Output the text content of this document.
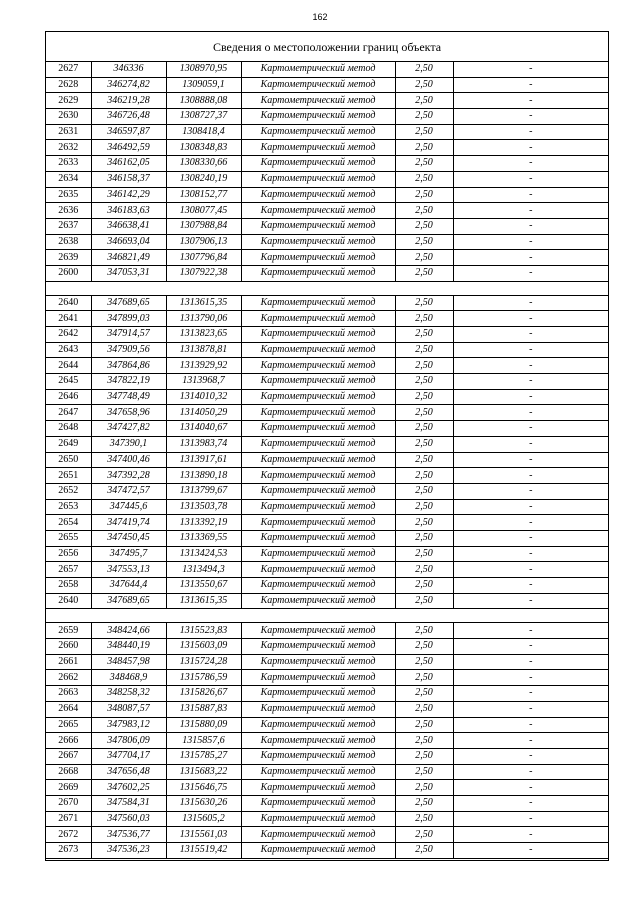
162
Сведения о местоположении границ объекта
2627	346336	1308970,95	Картометрический метод	2,50	-
2628	346274,82	1309059,1	Картометрический метод	2,50	-
2629	346219,28	1308888,08	Картометрический метод	2,50	-
2630	346726,48	1308727,37	Картометрический метод	2,50	-
2631	346597,87	1308418,4	Картометрический метод	2,50	-
2632	346492,59	1308348,83	Картометрический метод	2,50	-
2633	346162,05	1308330,66	Картометрический метод	2,50	-
2634	346158,37	1308240,19	Картометрический метод	2,50	-
2635	346142,29	1308152,77	Картометрический метод	2,50	-
2636	346183,63	1308077,45	Картометрический метод	2,50	-
2637	346638,41	1307988,84	Картометрический метод	2,50	-
2638	346693,04	1307906,13	Картометрический метод	2,50	-
2639	346821,49	1307796,84	Картометрический метод	2,50	-
2600	347053,31	1307922,38	Картометрический метод	2,50	-

2640	347689,65	1313615,35	Картометрический метод	2,50	-
2641	347899,03	1313790,06	Картометрический метод	2,50	-
2642	347914,57	1313823,65	Картометрический метод	2,50	-
2643	347909,56	1313878,81	Картометрический метод	2,50	-
2644	347864,86	1313929,92	Картометрический метод	2,50	-
2645	347822,19	1313968,7	Картометрический метод	2,50	-
2646	347748,49	1314010,32	Картометрический метод	2,50	-
2647	347658,96	1314050,29	Картометрический метод	2,50	-
2648	347427,82	1314040,67	Картометрический метод	2,50	-
2649	347390,1	1313983,74	Картометрический метод	2,50	-
2650	347400,46	1313917,61	Картометрический метод	2,50	-
2651	347392,28	1313890,18	Картометрический метод	2,50	-
2652	347472,57	1313799,67	Картометрический метод	2,50	-
2653	347445,6	1313503,78	Картометрический метод	2,50	-
2654	347419,74	1313392,19	Картометрический метод	2,50	-
2655	347450,45	1313369,55	Картометрический метод	2,50	-
2656	347495,7	1313424,53	Картометрический метод	2,50	-
2657	347553,13	1313494,3	Картометрический метод	2,50	-
2658	347644,4	1313550,67	Картометрический метод	2,50	-
2640	347689,65	1313615,35	Картометрический метод	2,50	-

2659	348424,66	1315523,83	Картометрический метод	2,50	-
2660	348440,19	1315603,09	Картометрический метод	2,50	-
2661	348457,98	1315724,28	Картометрический метод	2,50	-
2662	348468,9	1315786,59	Картометрический метод	2,50	-
2663	348258,32	1315826,67	Картометрический метод	2,50	-
2664	348087,57	1315887,83	Картометрический метод	2,50	-
2665	347983,12	1315880,09	Картометрический метод	2,50	-
2666	347806,09	1315857,6	Картометрический метод	2,50	-
2667	347704,17	1315785,27	Картометрический метод	2,50	-
2668	347656,48	1315683,22	Картометрический метод	2,50	-
2669	347602,25	1315646,75	Картометрический метод	2,50	-
2670	347584,31	1315630,26	Картометрический метод	2,50	-
2671	347560,03	1315605,2	Картометрический метод	2,50	-
2672	347536,77	1315561,03	Картометрический метод	2,50	-
2673	347536,23	1315519,42	Картометрический метод	2,50	-
